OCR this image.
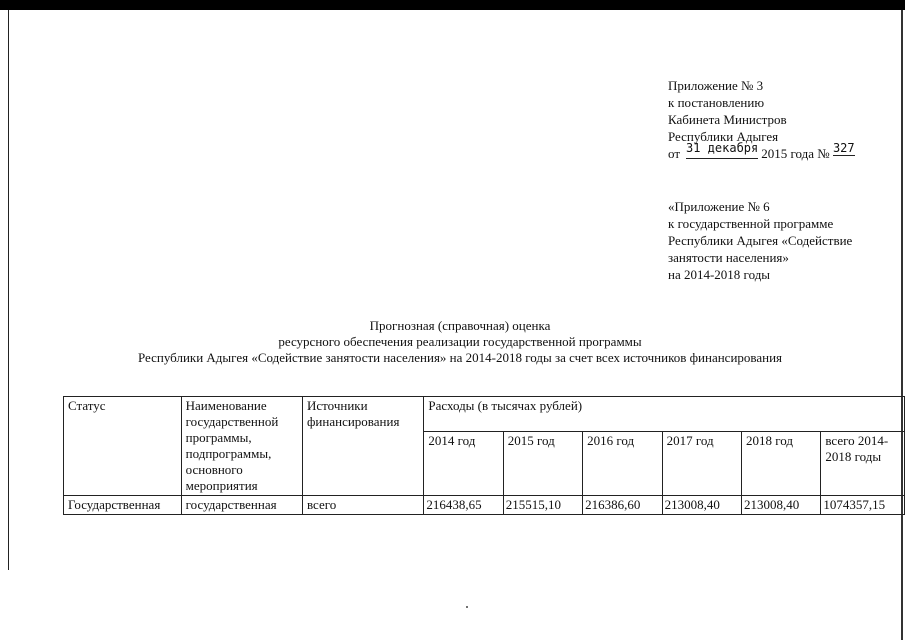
Приложение № 3
к постановлению
Кабинета Министров
Республики Адыгея
от 31 декабря 2015 года № 327
«Приложение № 6
к государственной программе
Республики Адыгея «Содействие
занятости населения»
на 2014-2018 годы
Прогнозная (справочная) оценка
ресурсного обеспечения реализации государственной программы
Республики Адыгея «Содействие занятости населения» на 2014-2018 годы за счет всех источников финансирования
Статус	Наименование государственной программы, подпрограммы, основного мероприятия	Источники финансирования	Расходы (в тысячах рублей)					
			2014 год	2015 год	2016 год	2017 год	2018 год	всего 2014-2018 годы
Государственная	государственная	всего	216438,65	215515,10	216386,60	213008,40	213008,40	1074357,15
